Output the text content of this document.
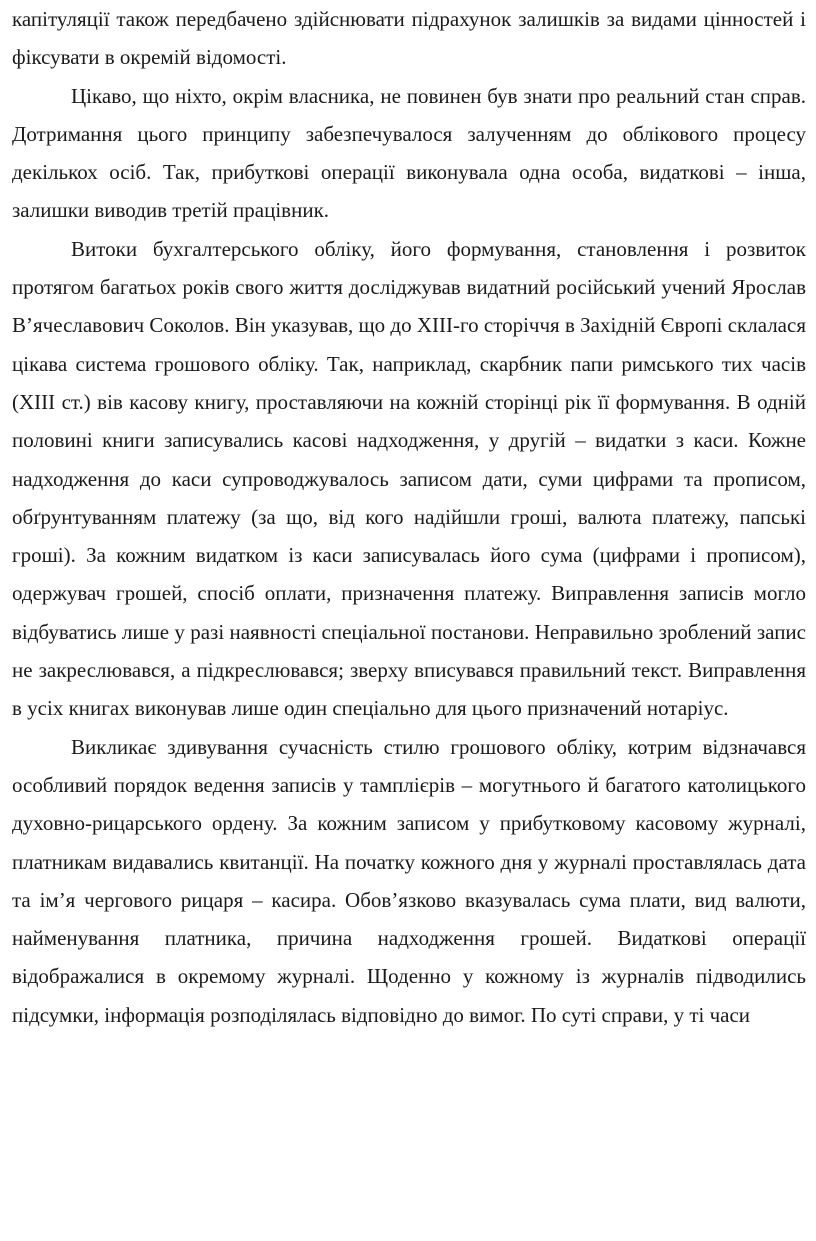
капітуляції також передбачено здійснювати підрахунок залишків за видами цінностей і фіксувати в окремій відомості.

Цікаво, що ніхто, окрім власника, не повинен був знати про реальний стан справ. Дотримання цього принципу забезпечувалося залученням до облікового процесу декількох осіб. Так, прибуткові операції виконувала одна особа, видаткові – інша, залишки виводив третій працівник.

Витоки бухгалтерського обліку, його формування, становлення і розвиток протягом багатьох років свого життя досліджував видатний російський учений Ярослав В’ячеславович Соколов. Він указував, що до XIII-го сторіччя в Західній Європі склалася цікава система грошового обліку. Так, наприклад, скарбник папи римського тих часів (XIII ст.) вів касову книгу, проставляючи на кожній сторінці рік її формування. В одній половині книги записувались касові надходження, у другій – видатки з каси. Кожне надходження до каси супроводжувалось записом дати, суми цифрами та прописом, обґрунтуванням платежу (за що, від кого надійшли гроші, валюта платежу, папські гроші). За кожним видатком із каси записувалась його сума (цифрами і прописом), одержувач грошей, спосіб оплати, призначення платежу. Виправлення записів могло відбуватись лише у разі наявності спеціальної постанови. Неправильно зроблений запис не закреслювався, а підкреслювався; зверху вписувався правильний текст. Виправлення в усіх книгах виконував лише один спеціально для цього призначений нотаріус.

Викликає здивування сучасність стилю грошового обліку, котрим відзначався особливий порядок ведення записів у тамплієрів – могутнього й багатого католицького духовно-рицарського ордену. За кожним записом у прибутковому касовому журналі, платникам видавались квитанції. На початку кожного дня у журналі проставлялась дата та ім’я чергового рицаря – касира. Обов’язково вказувалась сума плати, вид валюти, найменування платника, причина надходження грошей. Видаткові операції відображалися в окремому журналі. Щоденно у кожному із журналів підводились підсумки, інформація розподілялась відповідно до вимог. По суті справи, у ті часи
